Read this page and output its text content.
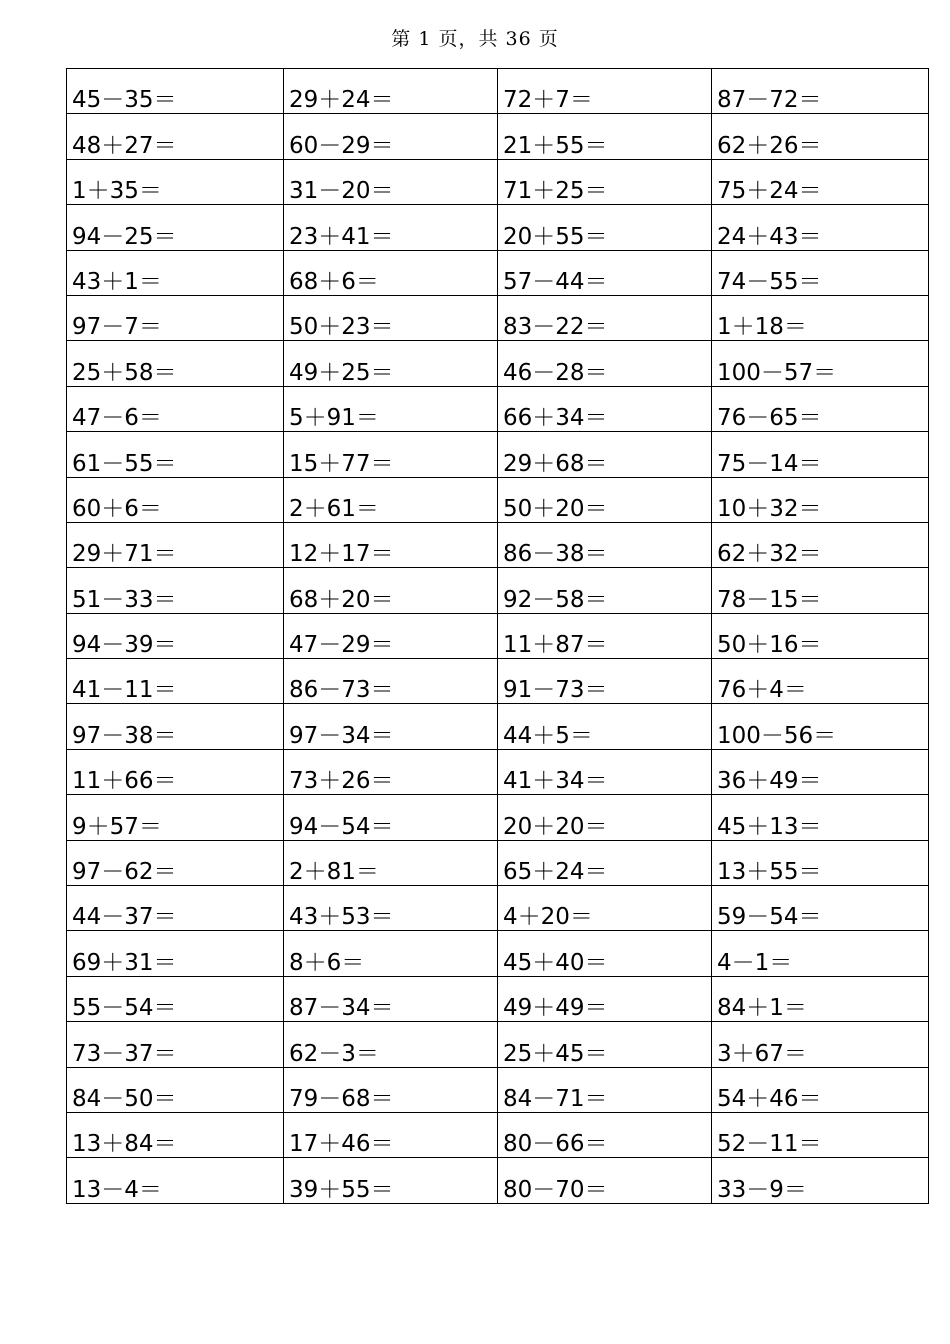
第 1 页，共 36 页
45－35＝	29＋24＝	72＋7＝	87－72＝
48＋27＝	60－29＝	21＋55＝	62＋26＝
1＋35＝	31－20＝	71＋25＝	75＋24＝
94－25＝	23＋41＝	20＋55＝	24＋43＝
43＋1＝	68＋6＝	57－44＝	74－55＝
97－7＝	50＋23＝	83－22＝	1＋18＝
25＋58＝	49＋25＝	46－28＝	100－57＝
47－6＝	5＋91＝	66＋34＝	76－65＝
61－55＝	15＋77＝	29＋68＝	75－14＝
60＋6＝	2＋61＝	50＋20＝	10＋32＝
29＋71＝	12＋17＝	86－38＝	62＋32＝
51－33＝	68＋20＝	92－58＝	78－15＝
94－39＝	47－29＝	11＋87＝	50＋16＝
41－11＝	86－73＝	91－73＝	76＋4＝
97－38＝	97－34＝	44＋5＝	100－56＝
11＋66＝	73＋26＝	41＋34＝	36＋49＝
9＋57＝	94－54＝	20＋20＝	45＋13＝
97－62＝	2＋81＝	65＋24＝	13＋55＝
44－37＝	43＋53＝	4＋20＝	59－54＝
69＋31＝	8＋6＝	45＋40＝	4－1＝
55－54＝	87－34＝	49＋49＝	84＋1＝
73－37＝	62－3＝	25＋45＝	3＋67＝
84－50＝	79－68＝	84－71＝	54＋46＝
13＋84＝	17＋46＝	80－66＝	52－11＝
13－4＝	39＋55＝	80－70＝	33－9＝
